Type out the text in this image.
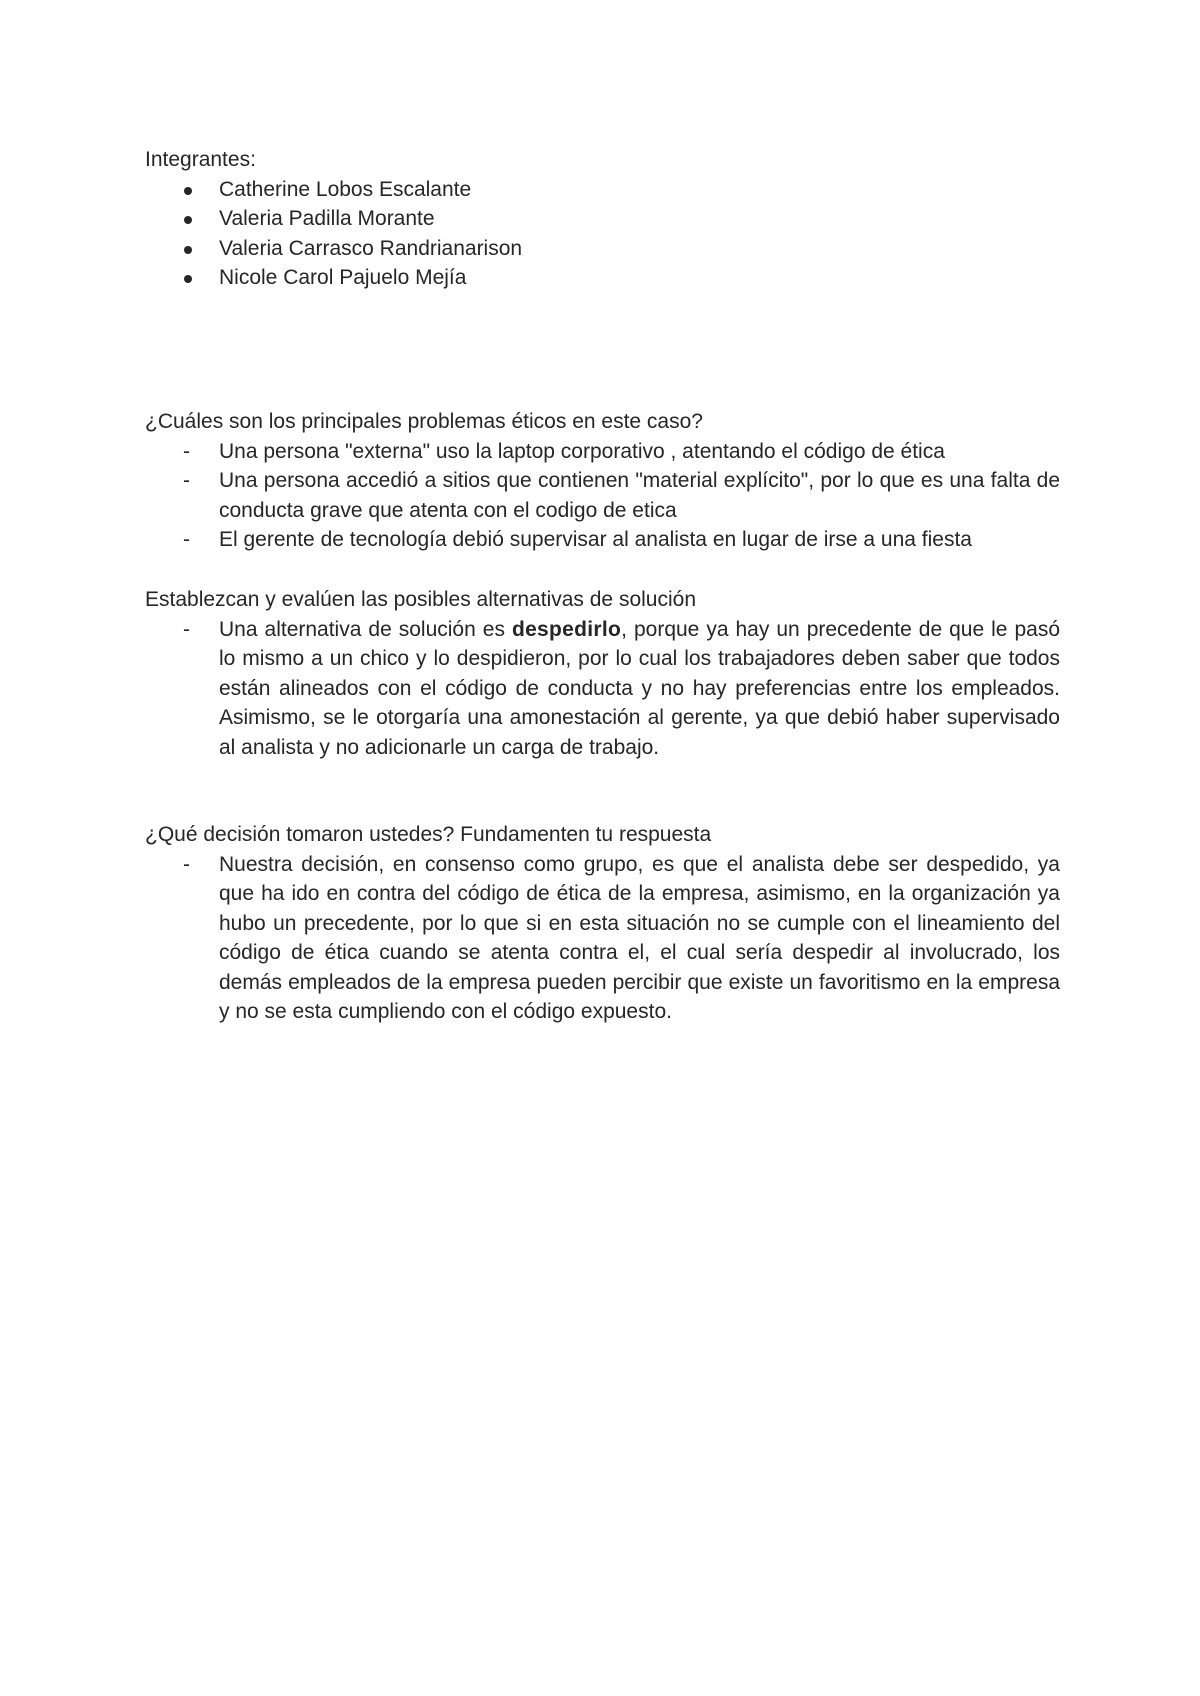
Integrantes:
Catherine Lobos Escalante
Valeria Padilla Morante
Valeria Carrasco Randrianarison
Nicole Carol Pajuelo Mejía
¿Cuáles son los principales problemas éticos en este caso?
- Una persona "externa" uso la laptop corporativo , atentando el código de ética
- Una persona accedió a sitios que contienen "material explícito", por lo que es una falta de conducta grave que atenta con el codigo de etica
- El gerente de tecnología debió supervisar al analista en lugar de irse a una fiesta
Establezcan y evalúen las posibles alternativas de solución
- Una alternativa de solución es despedirlo, porque ya hay un precedente de que le pasó lo mismo a un chico y lo despidieron, por lo cual los trabajadores deben saber que todos están alineados con el código de conducta y no hay preferencias entre los empleados. Asimismo, se le otorgaría una amonestación al gerente, ya que debió haber supervisado al analista y no adicionarle un carga de trabajo.
¿Qué decisión tomaron ustedes? Fundamenten tu respuesta
- Nuestra decisión, en consenso como grupo, es que el analista debe ser despedido, ya que ha ido en contra del código de ética de la empresa, asimismo, en la organización ya hubo un precedente, por lo que si en esta situación no se cumple con el lineamiento del código de ética cuando se atenta contra el, el cual sería despedir al involucrado, los demás empleados de la empresa pueden percibir que existe un favoritismo en la empresa y no se esta cumpliendo con el código expuesto.
